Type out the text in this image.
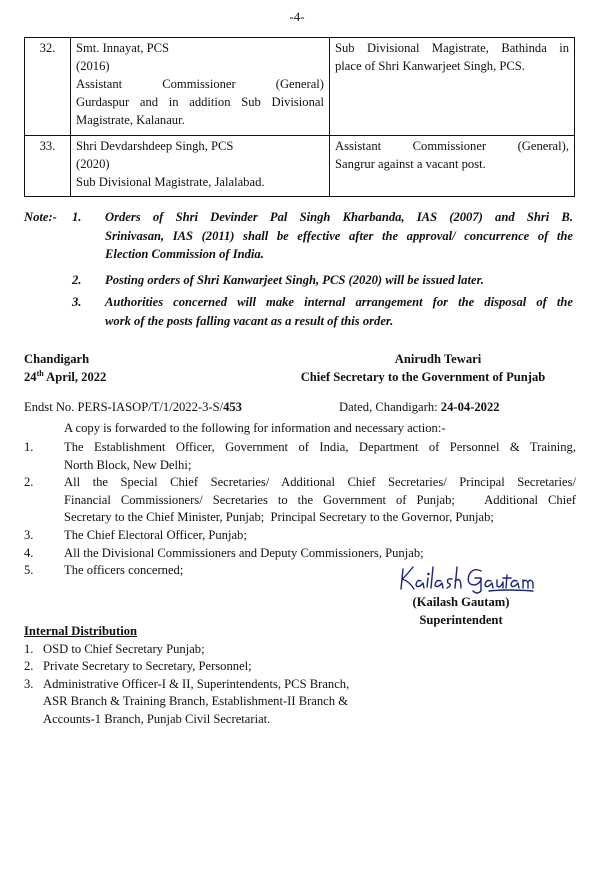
-4-
32.	Smt. Innayat, PCS
(2016)
Assistant Commissioner (General)
Gurdaspur and in addition Sub Divisional
Magistrate, Kalanaur.	Sub Divisional Magistrate, Bathinda in
place of Shri Kanwarjeet Singh, PCS.

33.	Shri Devdarshdeep Singh, PCS
(2020)
Sub Divisional Magistrate, Jalalabad.	Assistant Commissioner (General),
Sangrur against a vacant post.
Note:- 1. Orders of Shri Devinder Pal Singh Kharbanda, IAS (2007) and Shri B.
Srinivasan, IAS (2011) shall be effective after the approval/ concurrence of the
Election Commission of India.
2. Posting orders of Shri Kanwarjeet Singh, PCS (2020) will be issued later.
3. Authorities concerned will make internal arrangement for the disposal of the
work of the posts falling vacant as a result of this order.
Chandigarh
24th April, 2022
Anirudh Tewari
Chief Secretary to the Government of Punjab
Endst No. PERS-IASOP/T/1/2022-3-S/453	Dated, Chandigarh: 24-04-2022
A copy is forwarded to the following for information and necessary action:-
1. The Establishment Officer, Government of India, Department of Personnel & Training,
North Block, New Delhi;
2. All the Special Chief Secretaries/ Additional Chief Secretaries/ Principal Secretaries/
Financial Commissioners/ Secretaries to the Government of Punjab;   Additional Chief
Secretary to the Chief Minister, Punjab;  Principal Secretary to the Governor, Punjab;
3. The Chief Electoral Officer, Punjab;
4. All the Divisional Commissioners and Deputy Commissioners, Punjab;
5. The officers concerned;
(Kailash Gautam)
Superintendent
Internal Distribution
1. OSD to Chief Secretary Punjab;
2. Private Secretary to Secretary, Personnel;
3. Administrative Officer-I & II, Superintendents, PCS Branch,
ASR Branch & Training Branch, Establishment-II Branch &
Accounts-1 Branch, Punjab Civil Secretariat.
